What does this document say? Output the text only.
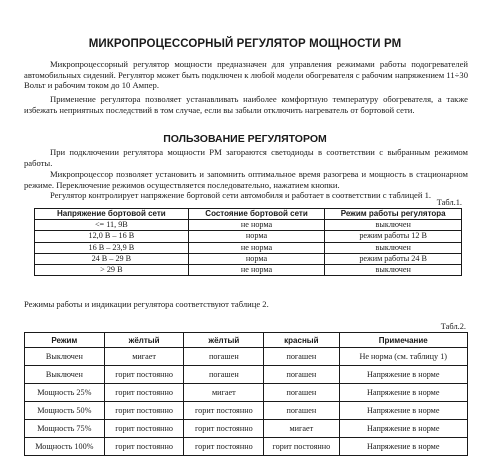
МИКРОПРОЦЕССОРНЫЙ РЕГУЛЯТОР МОЩНОСТИ РМ

Микропроцессорный регулятор мощности предназначен для управления режимами работы подогревателей автомобильных сидений. Регулятор может быть подключен к любой модели обогревателя с рабочим напряжением 11÷30 Вольт и рабочим током до 10 Ампер.

Применение регулятора позволяет устанавливать наиболее комфортную температуру обогревателя, а также избежать неприятных последствий в том случае, если вы забыли отключить нагреватель от бортовой сети.

ПОЛЬЗОВАНИЕ РЕГУЛЯТОРОМ

При подключении регулятора мощности РМ загораются светодиоды в соответствии с выбранным режимом работы.

Микропроцессор позволяет установить и запомнить оптимальное время разогрева и мощность в стационарном режиме. Переключение режимов осуществляется последовательно, нажатием кнопки.

Регулятор контролирует напряжение бортовой сети автомобиля и работает в соответствии с таблицей 1.

Табл.1.
Напряжение бортовой сети	Состояние бортовой сети	Режим работы регулятора
<= 11, 9В	не норма	выключен
12,0 В – 16 В	норма	режим работы 12 В
16 В – 23,9 В	не норма	выключен
24 В – 29 В	норма	режим работы 24 В
> 29 В	не норма	выключен
Режимы работы и индикации регулятора соответствуют таблице 2.
Табл.2.
Режим	жёлтый	жёлтый	красный	Примечание
Выключен	мигает	погашен	погашен	Не норма (см. таблицу 1)
Выключен	горит постоянно	погашен	погашен	Напряжение в норме
Мощность 25%	горит постоянно	мигает	погашен	Напряжение в норме
Мощность 50%	горит постоянно	горит постоянно	погашен	Напряжение в норме
Мощность 75%	горит постоянно	горит постоянно	мигает	Напряжение в норме
Мощность 100%	горит постоянно	горит постоянно	горит постоянно	Напряжение в норме
